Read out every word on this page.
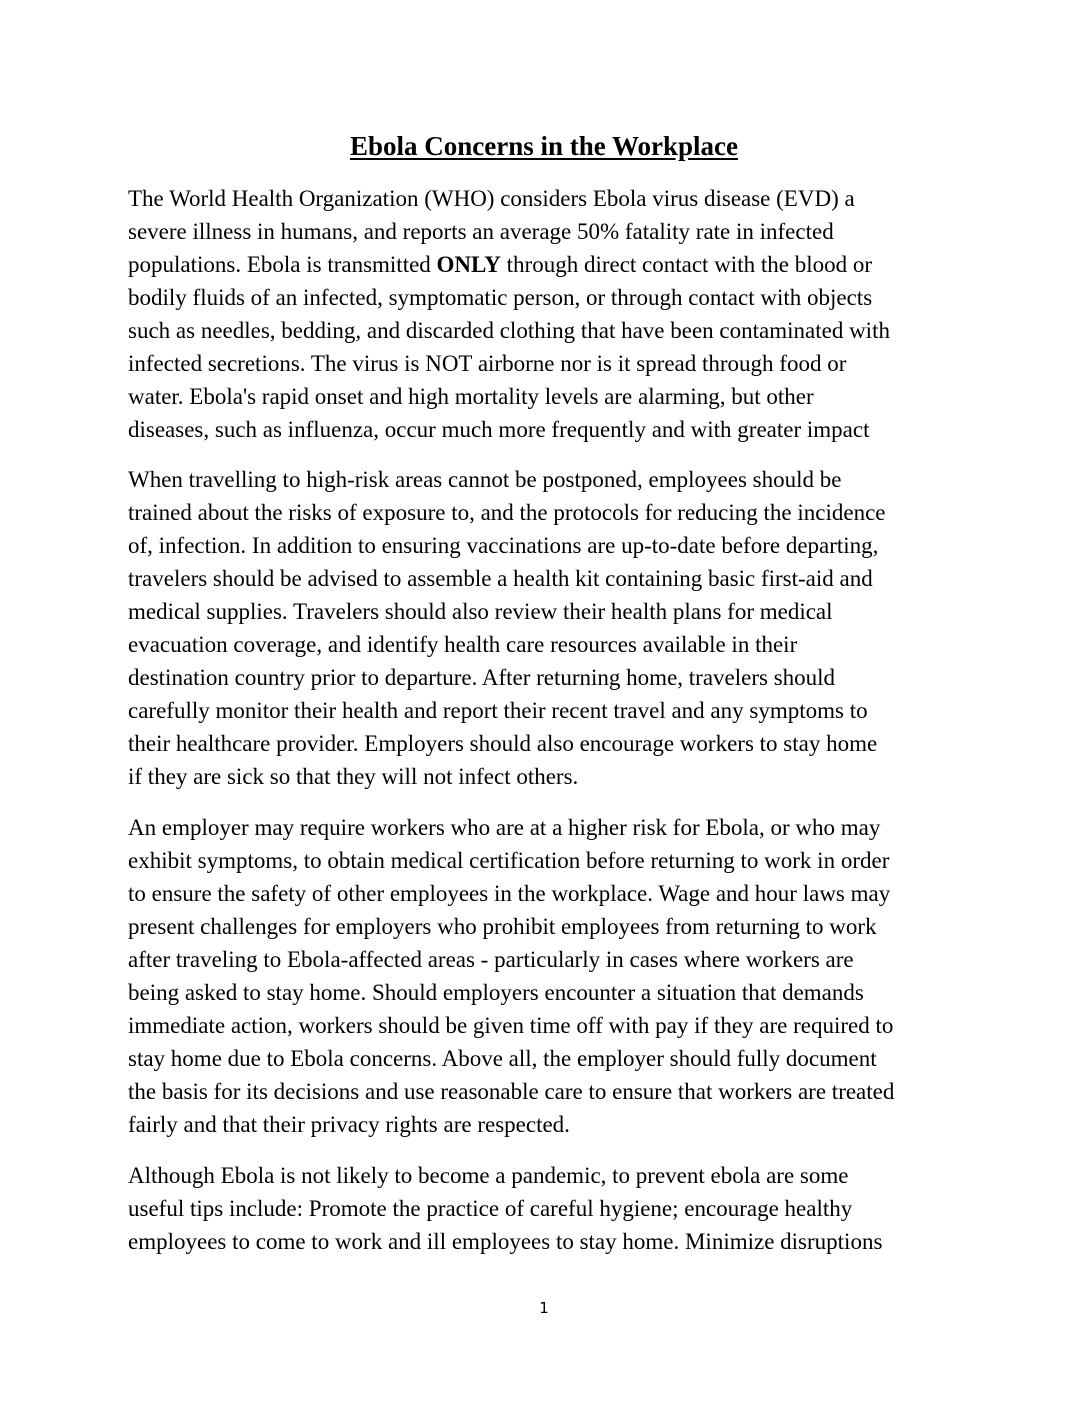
Ebola Concerns in the Workplace

The World Health Organization (WHO) considers Ebola virus disease (EVD) a
severe illness in humans, and reports an average 50% fatality rate in infected
populations. Ebola is transmitted ONLY through direct contact with the blood or
bodily fluids of an infected, symptomatic person, or through contact with objects
such as needles, bedding, and discarded clothing that have been contaminated with
infected secretions. The virus is NOT airborne nor is it spread through food or
water. Ebola's rapid onset and high mortality levels are alarming, but other
diseases, such as influenza, occur much more frequently and with greater impact

When travelling to high-risk areas cannot be postponed, employees should be
trained about the risks of exposure to, and the protocols for reducing the incidence
of, infection. In addition to ensuring vaccinations are up-to-date before departing,
travelers should be advised to assemble a health kit containing basic first-aid and
medical supplies. Travelers should also review their health plans for medical
evacuation coverage, and identify health care resources available in their
destination country prior to departure. After returning home, travelers should
carefully monitor their health and report their recent travel and any symptoms to
their healthcare provider. Employers should also encourage workers to stay home
if they are sick so that they will not infect others.

An employer may require workers who are at a higher risk for Ebola, or who may
exhibit symptoms, to obtain medical certification before returning to work in order
to ensure the safety of other employees in the workplace. Wage and hour laws may
present challenges for employers who prohibit employees from returning to work
after traveling to Ebola-affected areas - particularly in cases where workers are
being asked to stay home. Should employers encounter a situation that demands
immediate action, workers should be given time off with pay if they are required to
stay home due to Ebola concerns. Above all, the employer should fully document
the basis for its decisions and use reasonable care to ensure that workers are treated
fairly and that their privacy rights are respected.

Although Ebola is not likely to become a pandemic, to prevent ebola are some
useful tips include: Promote the practice of careful hygiene; encourage healthy
employees to come to work and ill employees to stay home. Minimize disruptions

1
